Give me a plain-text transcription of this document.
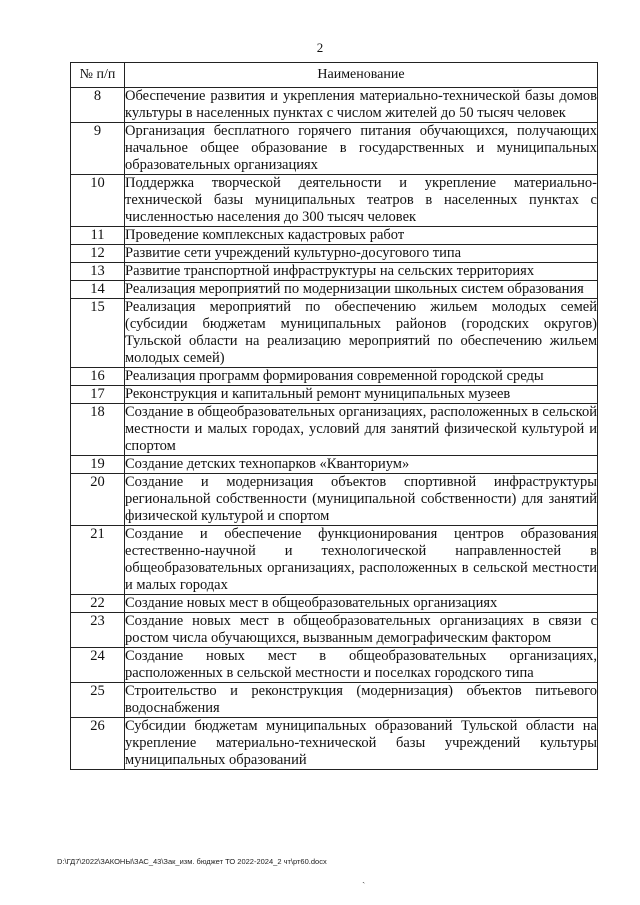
2
№ п/п	Наименование
8	Обеспечение развития и укрепления материально-технической базы домов культуры в населенных пунктах с числом жителей до 50 тысяч человек
9	Организация бесплатного горячего питания обучающихся, получающих начальное общее образование в государственных и муниципальных образовательных организациях
10	Поддержка творческой деятельности и укрепление материально-технической базы муниципальных театров в населенных пунктах с численностью населения до 300 тысяч человек
11	Проведение комплексных кадастровых работ
12	Развитие сети учреждений культурно-досугового типа
13	Развитие транспортной инфраструктуры на сельских территориях
14	Реализация мероприятий по модернизации школьных систем образования
15	Реализация мероприятий по обеспечению жильем молодых семей (субсидии бюджетам муниципальных районов (городских округов) Тульской области на реализацию мероприятий по обеспечению жильем молодых семей)
16	Реализация программ формирования современной городской среды
17	Реконструкция и капитальный ремонт муниципальных музеев
18	Создание в общеобразовательных организациях, расположенных в сельской местности и малых городах, условий для занятий физической культурой и спортом
19	Создание детских технопарков «Кванториум»
20	Создание и модернизация объектов спортивной инфраструктуры региональной собственности (муниципальной собственности) для занятий физической культурой и спортом
21	Создание и обеспечение функционирования центров образования естественно-научной и технологической направленностей в общеобразовательных организациях, расположенных в сельской местности и малых городах
22	Создание новых мест в общеобразовательных организациях
23	Создание новых мест в общеобразовательных организациях в связи с ростом числа обучающихся, вызванным демографическим фактором
24	Создание новых мест в общеобразовательных организациях, расположенных в сельской местности и поселках городского типа
25	Строительство и реконструкция (модернизация) объектов питьевого водоснабжения
26	Субсидии бюджетам муниципальных образований Тульской области на укрепление материально-технической базы учреждений культуры муниципальных образований
D:\ГД7\2022\ЗАКОНЫ\ЗАС_43\Зак_изм. бюджет ТО 2022-2024_2 чт\рт60.docx
ˎ
